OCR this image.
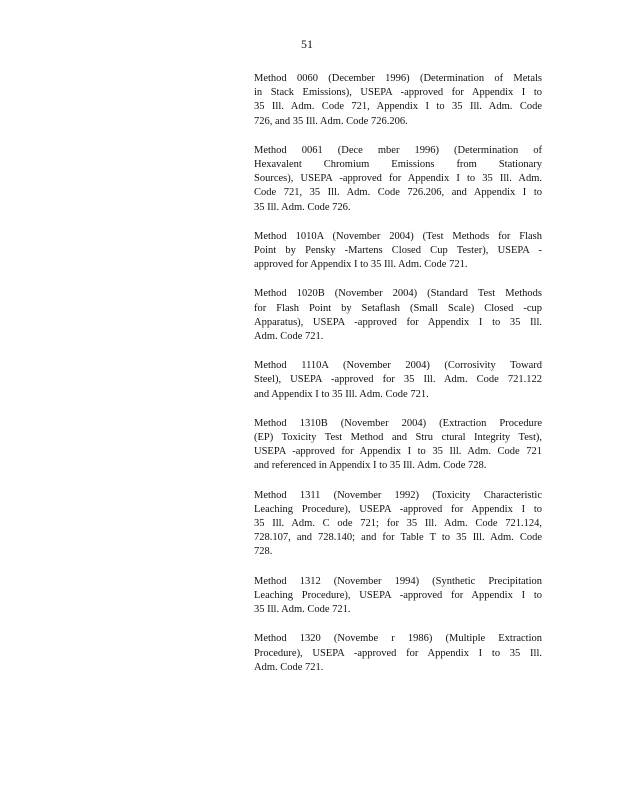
51
Method 0060 (December 1996) (Determination of Metals
in Stack Emissions), USEPA -approved for Appendix I to
35 Ill. Adm. Code 721, Appendix I to 35 Ill. Adm. Code
726, and 35 Ill. Adm. Code 726.206.
Method 0061 (Dece mber 1996) (Determination of
Hexavalent Chromium Emissions from Stationary
Sources), USEPA -approved for Appendix I to 35 Ill. Adm.
Code 721, 35 Ill. Adm. Code 726.206, and Appendix I to
35 Ill. Adm. Code 726.
Method 1010A (November 2004) (Test Methods for Flash
Point by Pensky -Martens Closed Cup Tester), USEPA -
approved for Appendix I to 35 Ill. Adm. Code 721.
Method 1020B (November 2004) (Standard Test Methods
for Flash Point by Setaflash (Small Scale) Closed -cup
Apparatus), USEPA -approved for Appendix I to 35 Ill.
Adm. Code 721.
Method 1110A (November 2004) (Corrosivity Toward
Steel), USEPA -approved for 35 Ill. Adm. Code 721.122
and Appendix I to 35 Ill. Adm. Code 721.
Method 1310B (November 2004) (Extraction Procedure
(EP) Toxicity Test Method and Stru ctural Integrity Test),
USEPA -approved for Appendix I to 35 Ill. Adm. Code 721
and referenced in Appendix I to 35 Ill. Adm. Code 728.
Method 1311 (November 1992) (Toxicity Characteristic
Leaching Procedure), USEPA -approved for Appendix I to
35 Ill. Adm. C ode 721; for 35 Ill. Adm. Code 721.124,
728.107, and 728.140; and for Table T to 35 Ill. Adm. Code
728.
Method 1312 (November 1994) (Synthetic Precipitation
Leaching Procedure), USEPA -approved for Appendix I to
35 Ill. Adm. Code 721.
Method 1320 (Novembe r 1986) (Multiple Extraction
Procedure), USEPA -approved for Appendix I to 35 Ill.
Adm. Code 721.
